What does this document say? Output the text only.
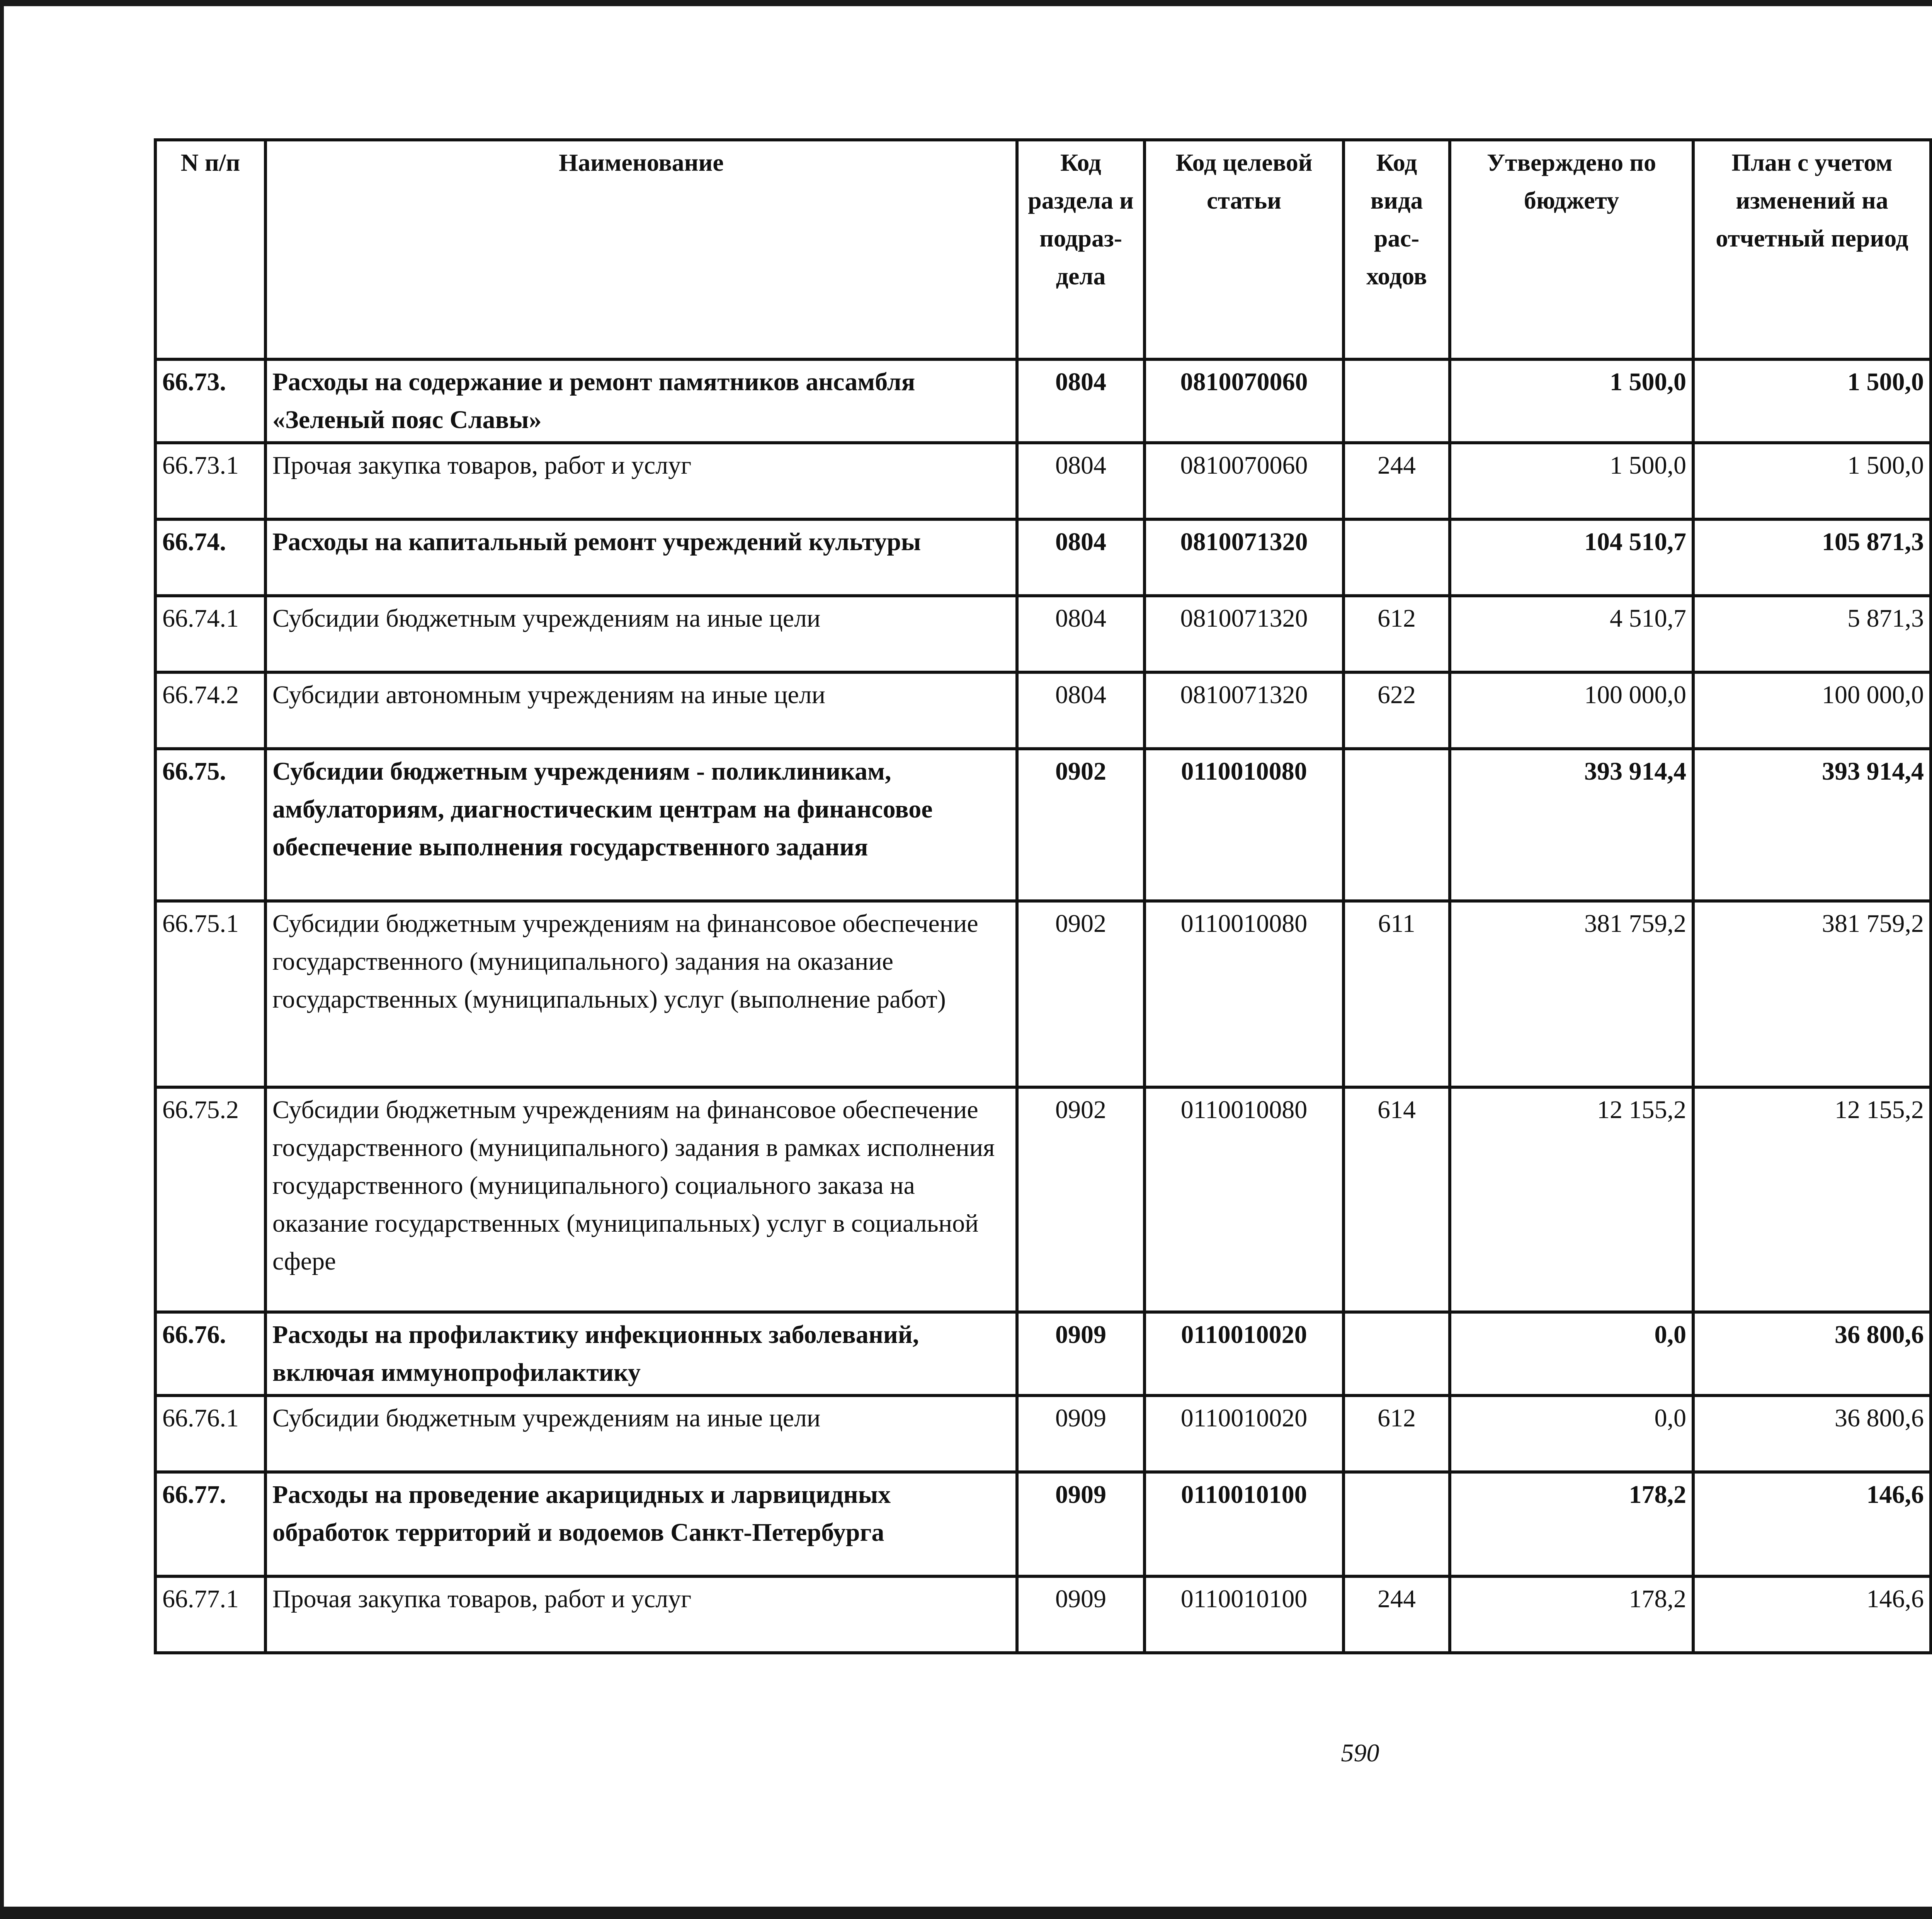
N п/п	Наименование	Код раздела и подраз- дела	Код целевой статьи	Код вида рас- ходов	Утверждено по бюджету	План с учетом изменений на отчетный период		

66.73.	Расходы на содержание и ремонт памятников ансамбля «Зеленый пояс Славы»	0804	0810070060		1 500,0	1 500,0			
66.73.1	Прочая закупка товаров, работ и услуг	0804	0810070060	244	1 500,0	1 500,0			
66.74.	Расходы на капитальный ремонт учреждений культуры	0804	0810071320		104 510,7	105 871,3			
66.74.1	Субсидии бюджетным учреждениям на иные цели	0804	0810071320	612	4 510,7	5 871,3			
66.74.2	Субсидии автономным учреждениям на иные цели	0804	0810071320	622	100 000,0	100 000,0			
66.75.	Субсидии бюджетным учреждениям - поликлиникам, амбулаториям, диагностическим центрам на финансовое обеспечение выполнения государственного задания	0902	0110010080		393 914,4	393 914,4			
66.75.1	Субсидии бюджетным учреждениям на финансовое обеспечение государственного (муниципального) задания на оказание государственных (муниципальных) услуг (выполнение работ)	0902	0110010080	611	381 759,2	381 759,2			
66.75.2	Субсидии бюджетным учреждениям на финансовое обеспечение государственного (муниципального) задания в рамках исполнения государственного (муниципального) социального заказа на оказание государственных (муниципальных) услуг в социальной сфере	0902	0110010080	614	12 155,2	12 155,2			
66.76.	Расходы на профилактику инфекционных заболеваний, включая иммунопрофилактику	0909	0110010020		0,0	36 800,6			
66.76.1	Субсидии бюджетным учреждениям на иные цели	0909	0110010020	612	0,0	36 800,6			
66.77.	Расходы на проведение акарицидных и ларвицидных обработок территорий и водоемов Санкт-Петербурга	0909	0110010100		178,2	146,6			
66.77.1	Прочая закупка товаров, работ и услуг	0909	0110010100	244	178,2	146,6			
590
